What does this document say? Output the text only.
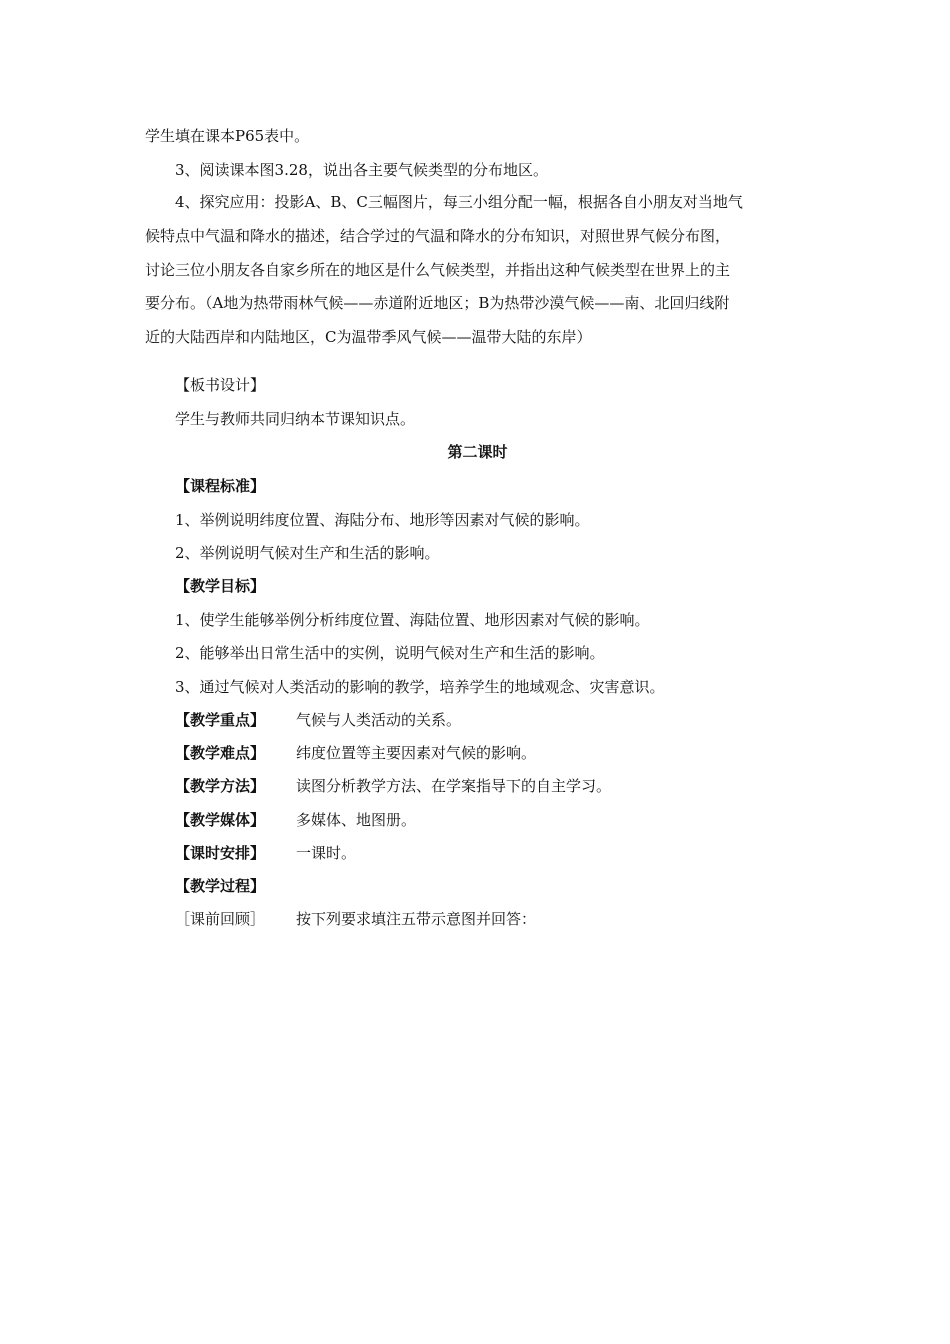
学生填在课本P65表中。
3、阅读课本图3.28，说出各主要气候类型的分布地区。
4、探究应用：投影A、B、C三幅图片，每三小组分配一幅，根据各自小朋友对当地气
候特点中气温和降水的描述，结合学过的气温和降水的分布知识，对照世界气候分布图，
讨论三位小朋友各自家乡所在的地区是什么气候类型，并指出这种气候类型在世界上的主
要分布。（A地为热带雨林气候——赤道附近地区；B为热带沙漠气候——南、北回归线附
近的大陆西岸和内陆地区，C为温带季风气候——温带大陆的东岸）
【板书设计】
学生与教师共同归纳本节课知识点。
第二课时
【课程标准】
1、举例说明纬度位置、海陆分布、地形等因素对气候的影响。
2、举例说明气候对生产和生活的影响。
【教学目标】
1、使学生能够举例分析纬度位置、海陆位置、地形因素对气候的影响。
2、能够举出日常生活中的实例，说明气候对生产和生活的影响。
3、通过气候对人类活动的影响的教学，培养学生的地域观念、灾害意识。
【教学重点】 气候与人类活动的关系。
【教学难点】 纬度位置等主要因素对气候的影响。
【教学方法】 读图分析教学方法、在学案指导下的自主学习。
【教学媒体】 多媒体、地图册。
【课时安排】 一课时。
【教学过程】
［课前回顾］ 按下列要求填注五带示意图并回答：
